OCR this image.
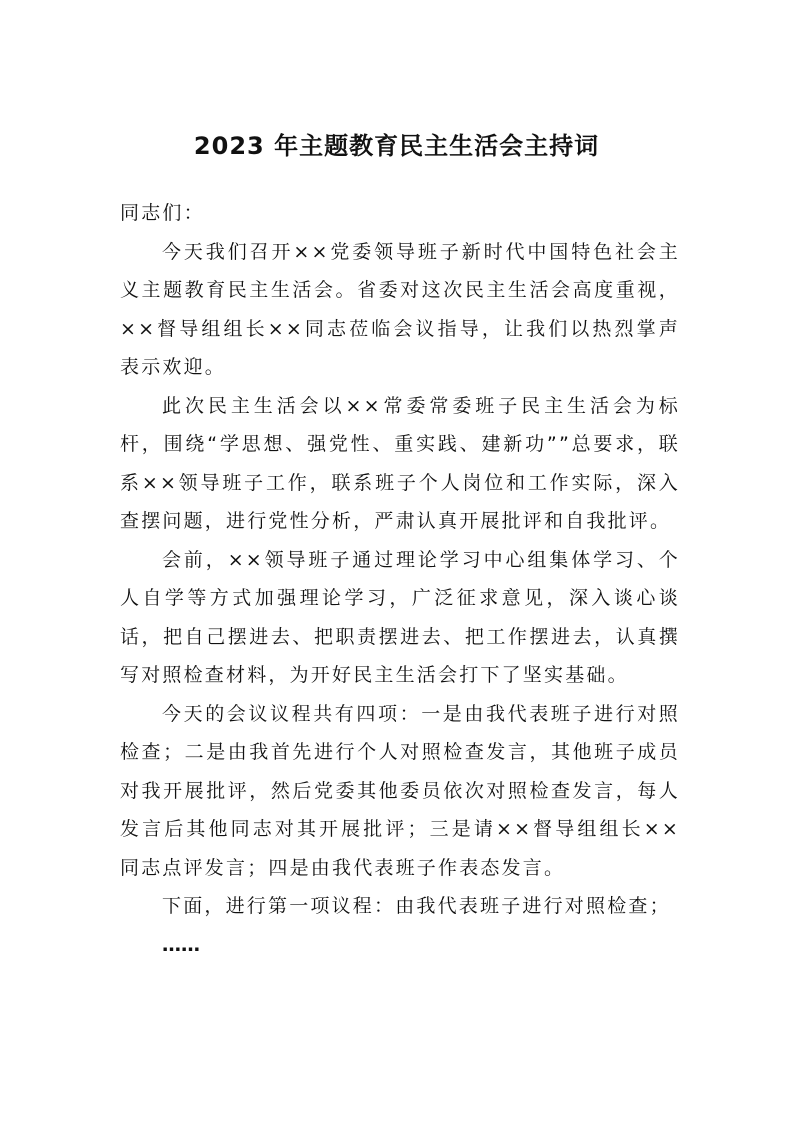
2023 年主题教育民主生活会主持词

同志们：

今天我们召开××党委领导班子新时代中国特色社会主义主题教育民主生活会。省委对这次民主生活会高度重视，××督导组组长××同志莅临会议指导，让我们以热烈掌声表示欢迎。

此次民主生活会以××常委常委班子民主生活会为标杆，围绕“学思想、强党性、重实践、建新功””总要求，联系××领导班子工作，联系班子个人岗位和工作实际，深入查摆问题，进行党性分析，严肃认真开展批评和自我批评。

会前，××领导班子通过理论学习中心组集体学习、个人自学等方式加强理论学习，广泛征求意见，深入谈心谈话，把自己摆进去、把职责摆进去、把工作摆进去，认真撰写对照检查材料，为开好民主生活会打下了坚实基础。

今天的会议议程共有四项：一是由我代表班子进行对照检查；二是由我首先进行个人对照检查发言，其他班子成员对我开展批评，然后党委其他委员依次对照检查发言，每人发言后其他同志对其开展批评；三是请××督导组组长××同志点评发言；四是由我代表班子作表态发言。

下面，进行第一项议程：由我代表班子进行对照检查；

……
